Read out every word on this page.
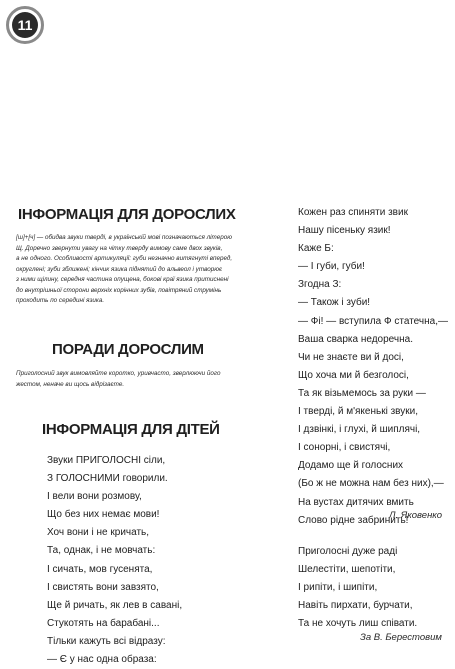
11
ІНФОРМАЦІЯ ДЛЯ ДОРОСЛИХ
[ш]+[ч] — обидва звуки тверді, в українській мові позначаються літерою
Щ. Доречно звернути увагу на чітку тверду вимову саме двох звуків,
а не одного. Особливості артикуляції: губи незначно витягнуті вперед,
округлені; зуби зближені; кінчик язика піднятий до альвеол і утворює
з ними щілину, середня частина опущена, бокові краї язика притиснені
до внутрішньої сторони верхніх корінних зубів, повітряний струмінь
проходить по середині язика.
ПОРАДИ ДОРОСЛИМ
Приголосний звук вимовляйте коротко, уривчасто, зверлюючи його
жестом, неначе ви щось відрізаєте.
ІНФОРМАЦІЯ ДЛЯ ДІТЕЙ
Звуки ПРИГОЛОСНІ сіли,
З ГОЛОСНИМИ говорили.
І вели вони розмову,
Що без них немає мови!
Хоч вони і не кричать,
Та, однак, і не мовчать:
І сичать, мов гусенята,
І свистять вони завзято,
Ще й ричать, як лев в савані,
Стукотять на барабані...
Тільки кажуть всі відразу:
— Є у нас одна образа:
Кожен раз спиняти звик
Нашу пісеньку язик!
Каже Б:
— І губи, губи!
Згодна З:
— Також і зуби!
— Фі! — вступила Ф статечна,—
Ваша сварка недоречна.
Чи не знаєте ви й досі,
Що хоча ми й безголосі,
Та як візьмемось за руки —
І тверді, й м'якенькі звуки,
І дзвінкі, і глухі, й шиплячі,
І сонорні, і свистячі,
Додамо ще й голосних
(Бо ж не можна нам без них),—
На вустах дитячих вмить
Слово рідне забринить!
Л. Яковенко
Приголосні дуже раді
Шелестіти, шепотіти,
І рипіти, і шипіти,
Навіть пирхати, бурчати,
Та не хочуть лиш співати.
За В. Берестовим
